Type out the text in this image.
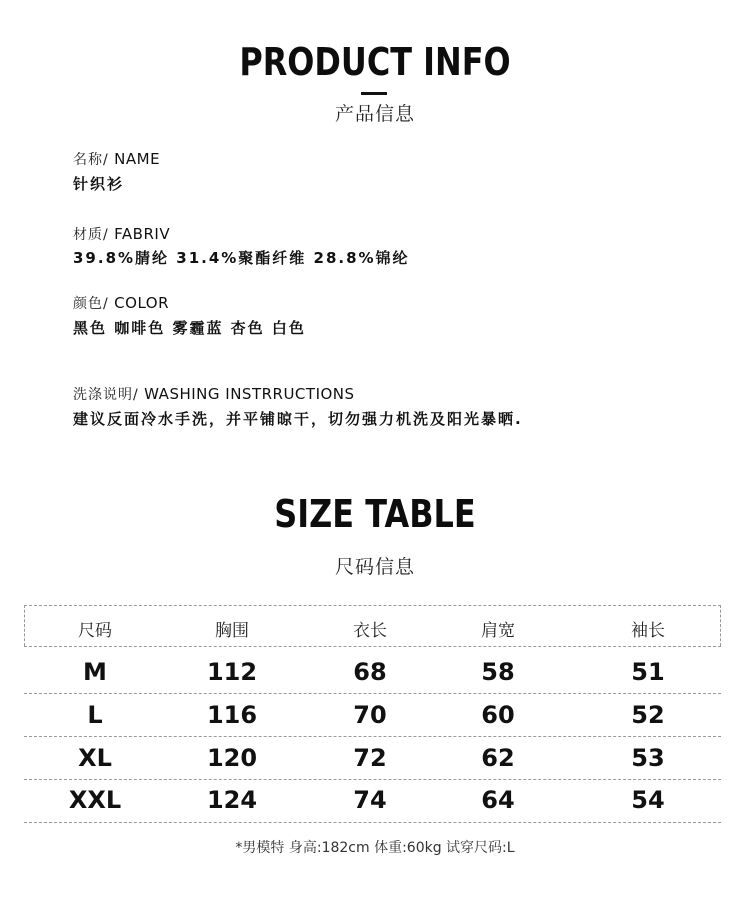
PRODUCT INFO
产品信息
名称/ NAME
针织衫
材质/ FABRIV
39.8%腈纶 31.4%聚酯纤维 28.8%锦纶
颜色/ COLOR
黑色 咖啡色 雾霾蓝 杏色 白色
洗涤说明/ WASHING INSTRRUCTIONS
建议反面冷水手洗，并平铺晾干，切勿强力机洗及阳光暴晒.
SIZE TABLE
尺码信息
尺码	胸围	衣长	肩宽	袖长
M	112	68	58	51
L	116	70	60	52
XL	120	72	62	53
XXL	124	74	64	54
*男模特 身高:182cm 体重:60kg 试穿尺码:L
